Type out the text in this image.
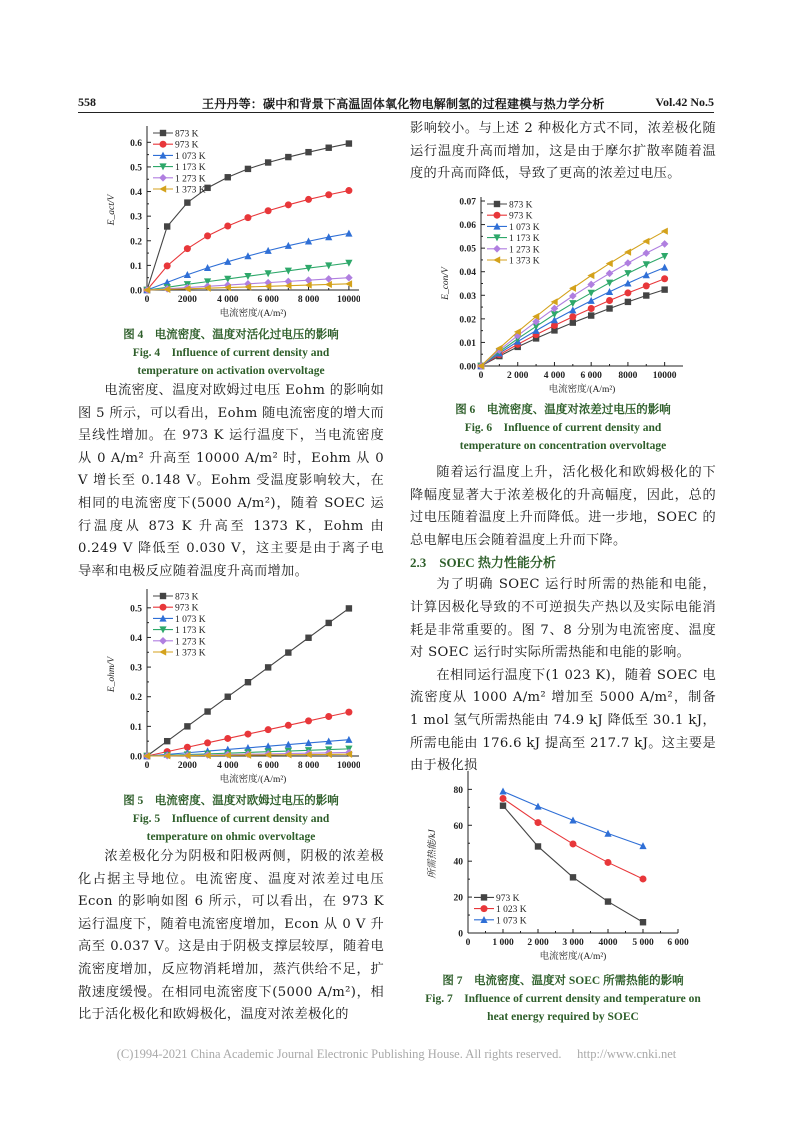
558	王丹丹等：碳中和背景下高温固体氧化物电解制氢的过程建模与热力学分析	Vol.42 No.5
0.0
0.1
0.2
0.3
0.4
0.5
0.6
0	2000 4 000 6 000 8 000 10000
电流密度/(A/m²)
E_act/V
873 K
973 K
1 073 K
1 173 K
1 273 K
1 373 K
图 4　电流密度、温度对活化过电压的影响
Fig. 4　Influence of current density and
temperature on activation overvoltage

电流密度、温度对欧姆过电压 Eohm 的影响如图 5 所示，可以看出，Eohm 随电流密度的增大而呈线性增加。在 973 K 运行温度下，当电流密度从 0 A/m² 升高至 10000 A/m² 时，Eohm 从 0 V 增长至 0.148 V。Eohm 受温度影响较大，在相同的电流密度下(5000 A/m²)，随着 SOEC 运行温度从 873 K 升高至 1373 K，Eohm 由 0.249 V 降低至 0.030 V，这主要是由于离子电导率和电极反应随着温度升高而增加。

0.0
0.1
0.2
0.3
0.4
0.5
0	2000 4 000 6 000 8 000 10000
电流密度/(A/m²)
E_ohm/V
873 K
973 K
1 073 K
1 173 K
1 273 K
1 373 K
图 5　电流密度、温度对欧姆过电压的影响
Fig. 5　Influence of current density and
temperature on ohmic overvoltage

浓差极化分为阴极和阳极两侧，阴极的浓差极化占据主导地位。电流密度、温度对浓差过电压 Econ 的影响如图 6 所示，可以看出，在 973 K 运行温度下，随着电流密度增加，Econ 从 0 V 升高至 0.037 V。这是由于阴极支撑层较厚，随着电流密度增加，反应物消耗增加，蒸汽供给不足，扩散速度缓慢。在相同电流密度下(5000 A/m²)，相比于活化极化和欧姆极化，温度对浓差极化的

影响较小。与上述 2 种极化方式不同，浓差极化随运行温度升高而增加，这是由于摩尔扩散率随着温度的升高而降低，导致了更高的浓差过电压。

0.00
0.01
0.02
0.03
0.04
0.05
0.06
0.07
0 2 000 4 000 6 000 8000 10000
电流密度/(A/m²)
E_con/V
873 K
973 K
1 073 K
1 173 K
1 273 K
1 373 K
图 6　电流密度、温度对浓差过电压的影响
Fig. 6　Influence of current density and
temperature on concentration overvoltage

随着运行温度上升，活化极化和欧姆极化的下降幅度显著大于浓差极化的升高幅度，因此，总的过电压随着温度上升而降低。进一步地，SOEC 的总电解电压会随着温度上升而下降。

2.3　SOEC 热力性能分析

为了明确 SOEC 运行时所需的热能和电能，计算因极化导致的不可逆损失产热以及实际电能消耗是非常重要的。图 7、8 分别为电流密度、温度对 SOEC 运行时实际所需热能和电能的影响。

在相同运行温度下(1 023 K)，随着 SOEC 电流密度从 1000 A/m² 增加至 5000 A/m²，制备 1 mol 氢气所需热能由 74.9 kJ 降低至 30.1 kJ，所需电能由 176.6 kJ 提高至 217.7 kJ。这主要是由于极化损

0
20
40
60
80
0 1 000 2 000 3 000 4000 5 000 6 000
电流密度/(A/m²)
所需热能/kJ
973 K
1 023 K
1 073 K
图 7　电流密度、温度对 SOEC 所需热能的影响
Fig. 7　Influence of current density and temperature on
heat energy required by SOEC
(C)1994-2021 China Academic Journal Electronic Publishing House. All rights reserved.　 http://www.cnki.net
